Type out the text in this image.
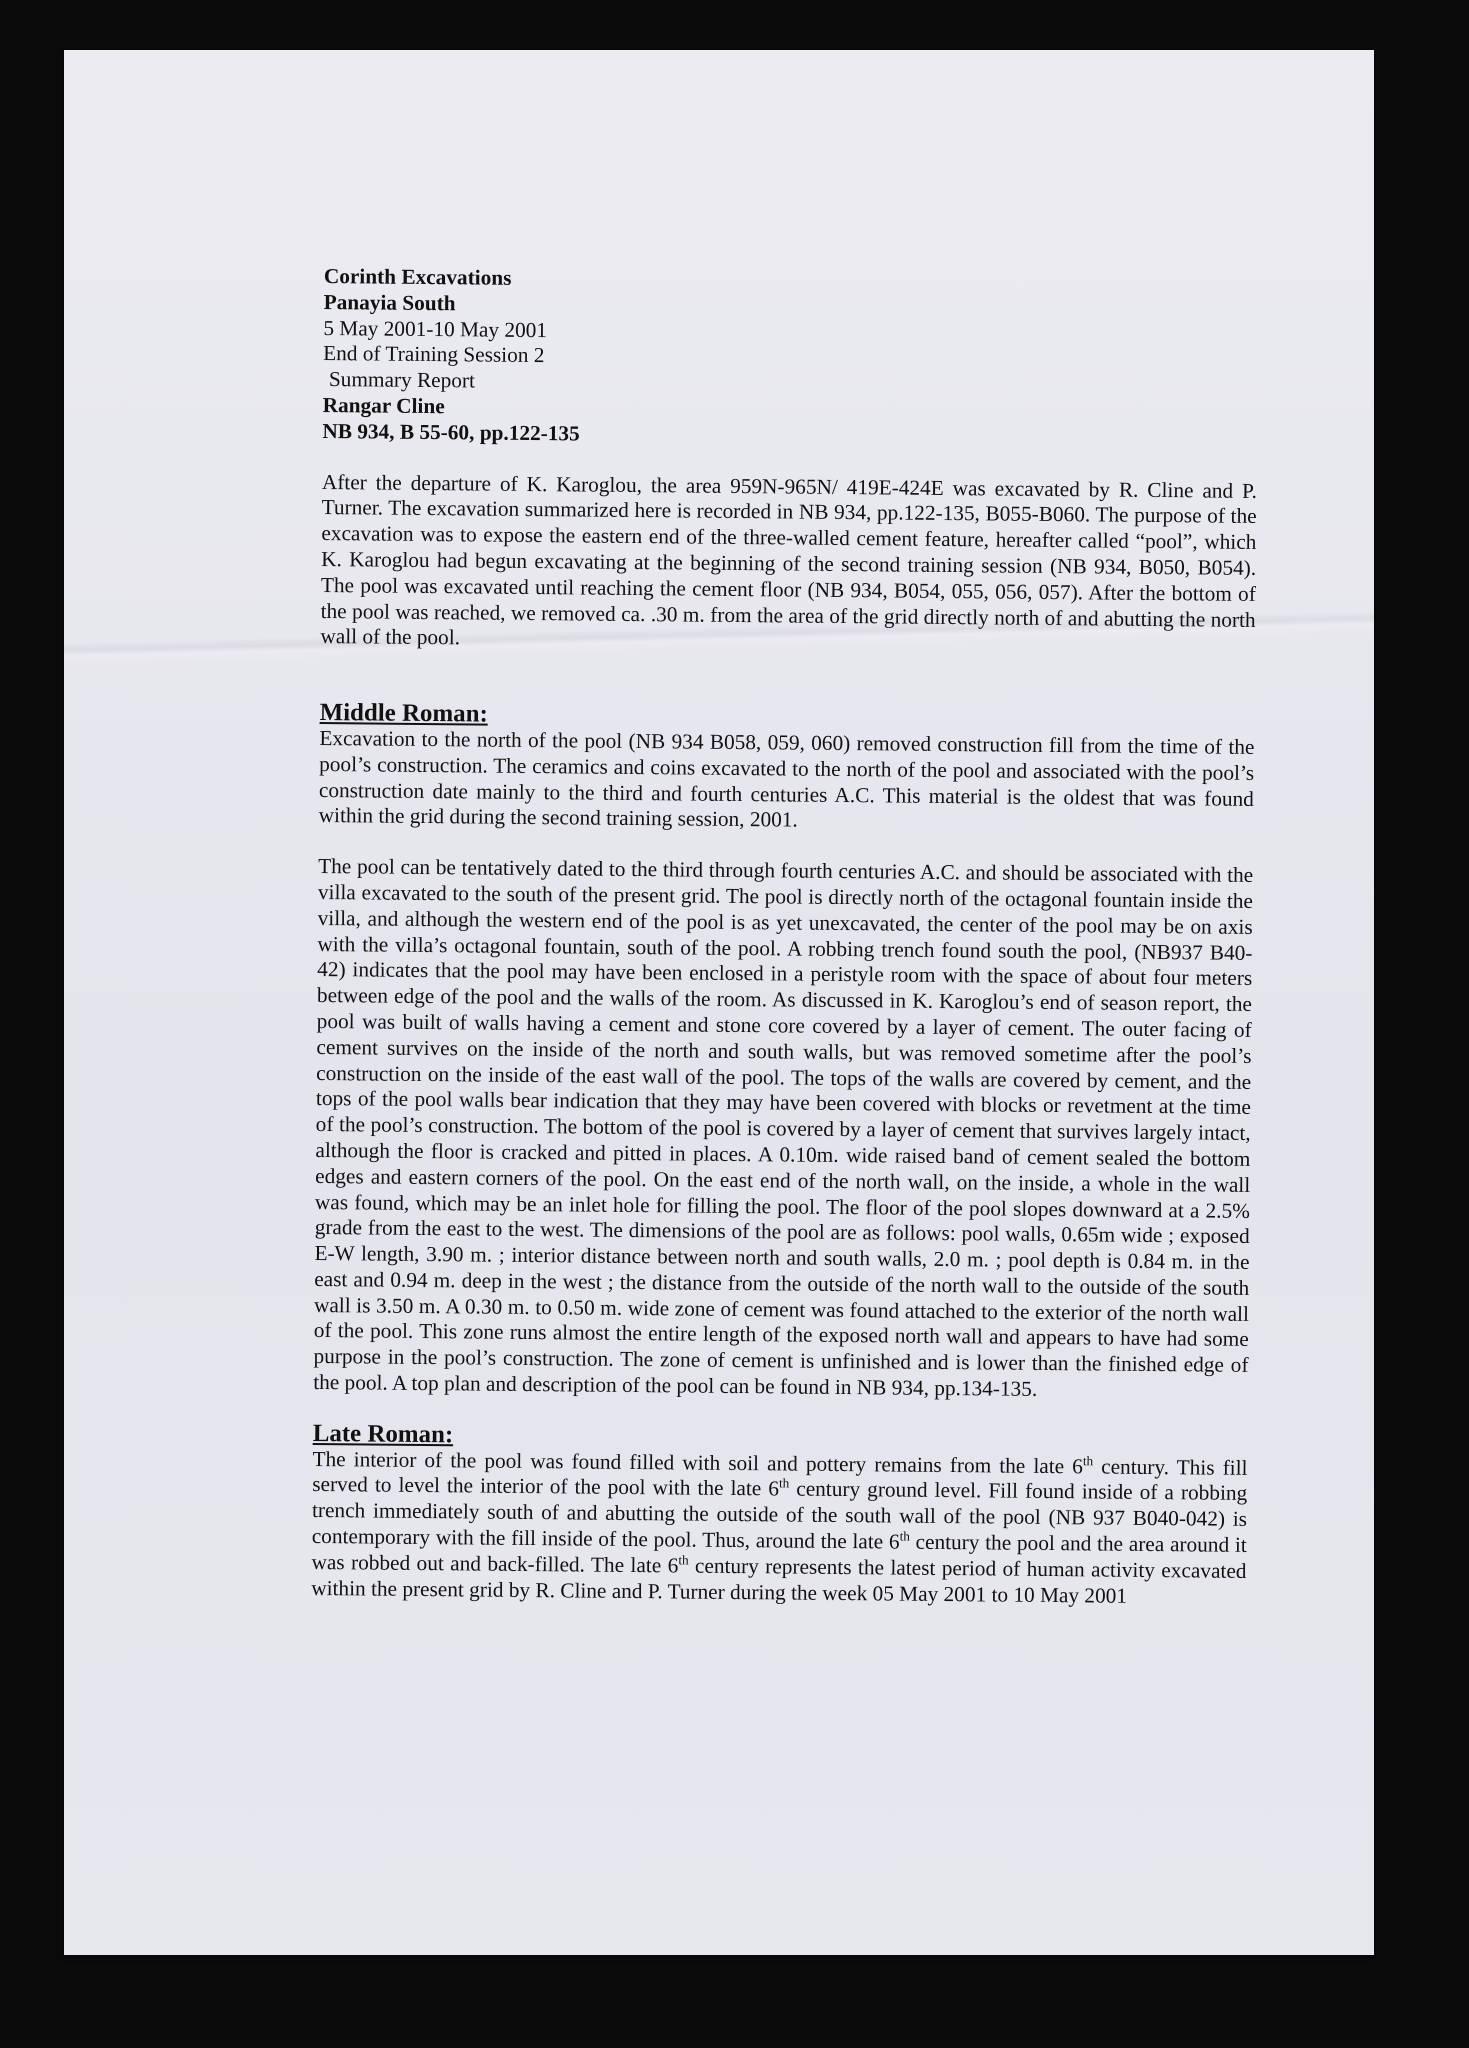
Corinth Excavations
Panayia South
5 May 2001-10 May 2001
End of Training Session 2
Summary Report
Rangar Cline
NB 934, B 55-60, pp.122-135

After the departure of K. Karoglou, the area 959N-965N/ 419E-424E was excavated by R. Cline and P. Turner. The excavation summarized here is recorded in NB 934, pp.122-135, B055-B060. The purpose of the excavation was to expose the eastern end of the three-walled cement feature, hereafter called “pool”, which K. Karoglou had begun excavating at the beginning of the second training session (NB 934, B050, B054). The pool was excavated until reaching the cement floor (NB 934, B054, 055, 056, 057). After the bottom of the pool was reached, we removed ca. .30 m. from the area of the grid directly north of and abutting the north wall of the pool.

Middle Roman:

Excavation to the north of the pool (NB 934 B058, 059, 060) removed construction fill from the time of the pool’s construction. The ceramics and coins excavated to the north of the pool and associated with the pool’s construction date mainly to the third and fourth centuries A.C. This material is the oldest that was found within the grid during the second training session, 2001.

The pool can be tentatively dated to the third through fourth centuries A.C. and should be associated with the villa excavated to the south of the present grid. The pool is directly north of the octagonal fountain inside the villa, and although the western end of the pool is as yet unexcavated, the center of the pool may be on axis with the villa’s octagonal fountain, south of the pool. A robbing trench found south the pool, (NB937 B40-42) indicates that the pool may have been enclosed in a peristyle room with the space of about four meters between edge of the pool and the walls of the room. As discussed in K. Karoglou’s end of season report, the pool was built of walls having a cement and stone core covered by a layer of cement. The outer facing of cement survives on the inside of the north and south walls, but was removed sometime after the pool’s construction on the inside of the east wall of the pool. The tops of the walls are covered by cement, and the tops of the pool walls bear indication that they may have been covered with blocks or revetment at the time of the pool’s construction. The bottom of the pool is covered by a layer of cement that survives largely intact, although the floor is cracked and pitted in places. A 0.10m. wide raised band of cement sealed the bottom edges and eastern corners of the pool. On the east end of the north wall, on the inside, a whole in the wall was found, which may be an inlet hole for filling the pool. The floor of the pool slopes downward at a 2.5% grade from the east to the west. The dimensions of the pool are as follows: pool walls, 0.65m wide ; exposed E-W length, 3.90 m. ; interior distance between north and south walls, 2.0 m. ; pool depth is 0.84 m. in the east and 0.94 m. deep in the west ; the distance from the outside of the north wall to the outside of the south wall is 3.50 m. A 0.30 m. to 0.50 m. wide zone of cement was found attached to the exterior of the north wall of the pool. This zone runs almost the entire length of the exposed north wall and appears to have had some purpose in the pool’s construction. The zone of cement is unfinished and is lower than the finished edge of the pool. A top plan and description of the pool can be found in NB 934, pp.134-135.

Late Roman:

The interior of the pool was found filled with soil and pottery remains from the late 6th century. This fill served to level the interior of the pool with the late 6th century ground level. Fill found inside of a robbing trench immediately south of and abutting the outside of the south wall of the pool (NB 937 B040-042) is contemporary with the fill inside of the pool. Thus, around the late 6th century the pool and the area around it was robbed out and back-filled. The late 6th century represents the latest period of human activity excavated within the present grid by R. Cline and P. Turner during the week 05 May 2001 to 10 May 2001
